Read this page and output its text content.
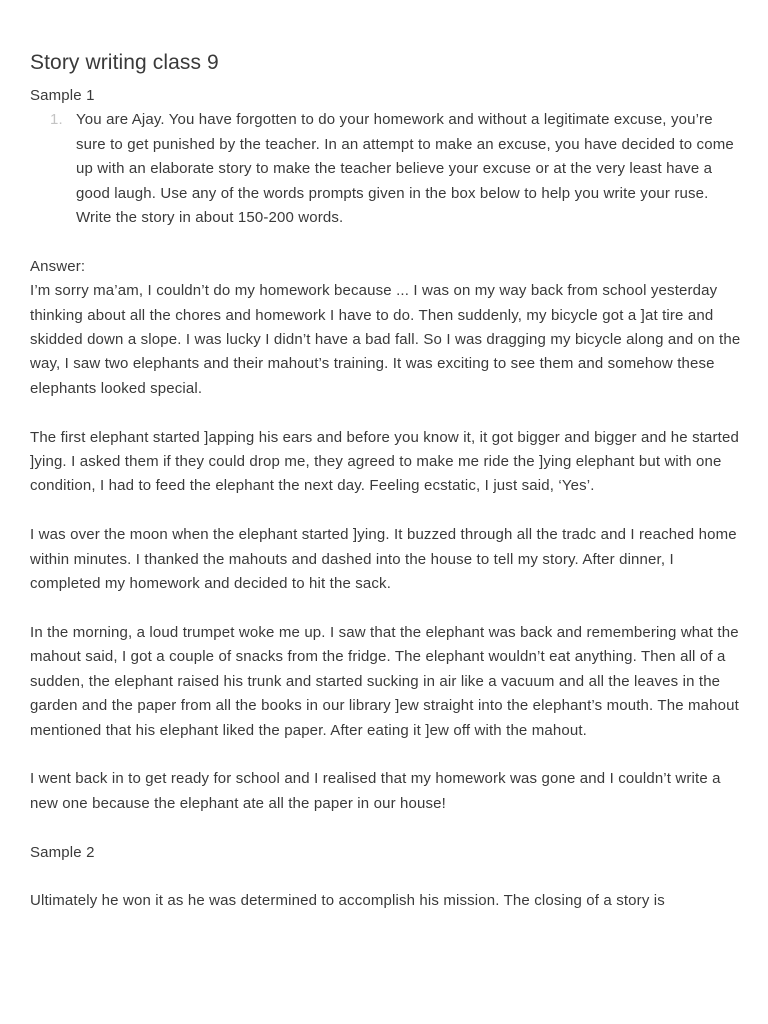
Story writing class 9

Sample 1

1. You are Ajay. You have forgotten to do your homework and without a legitimate excuse, you’re sure to get punished by the teacher. In an attempt to make an excuse, you have decided to come up with an elaborate story to make the teacher believe your excuse or at the very least have a good laugh. Use any of the words prompts given in the box below to help you write your ruse. Write the story in about 150-200 words.

Answer:

I’m sorry ma’am, I couldn’t do my homework because ... I was on my way back from school yesterday thinking about all the chores and homework I have to do. Then suddenly, my bicycle got a ]at tire and skidded down a slope. I was lucky I didn’t have a bad fall. So I was dragging my bicycle along and on the way, I saw two elephants and their mahout’s training. It was exciting to see them and somehow these elephants looked special.

The first elephant started ]apping his ears and before you know it, it got bigger and bigger and he started ]ying. I asked them if they could drop me, they agreed to make me ride the ]ying elephant but with one condition, I had to feed the elephant the next day. Feeling ecstatic, I just said, ‘Yes’.

I was over the moon when the elephant started ]ying. It buzzed through all the tradc and I reached home within minutes. I thanked the mahouts and dashed into the house to tell my story. After dinner, I completed my homework and decided to hit the sack.

In the morning, a loud trumpet woke me up. I saw that the elephant was back and remembering what the mahout said, I got a couple of snacks from the fridge. The elephant wouldn’t eat anything. Then all of a sudden, the elephant raised his trunk and started sucking in air like a vacuum and all the leaves in the garden and the paper from all the books in our library ]ew straight into the elephant’s mouth. The mahout mentioned that his elephant liked the paper. After eating it ]ew off with the mahout.

I went back in to get ready for school and I realised that my homework was gone and I couldn’t write a new one because the elephant ate all the paper in our house!

Sample 2

Ultimately he won it as he was determined to accomplish his mission. The closing of a story is
